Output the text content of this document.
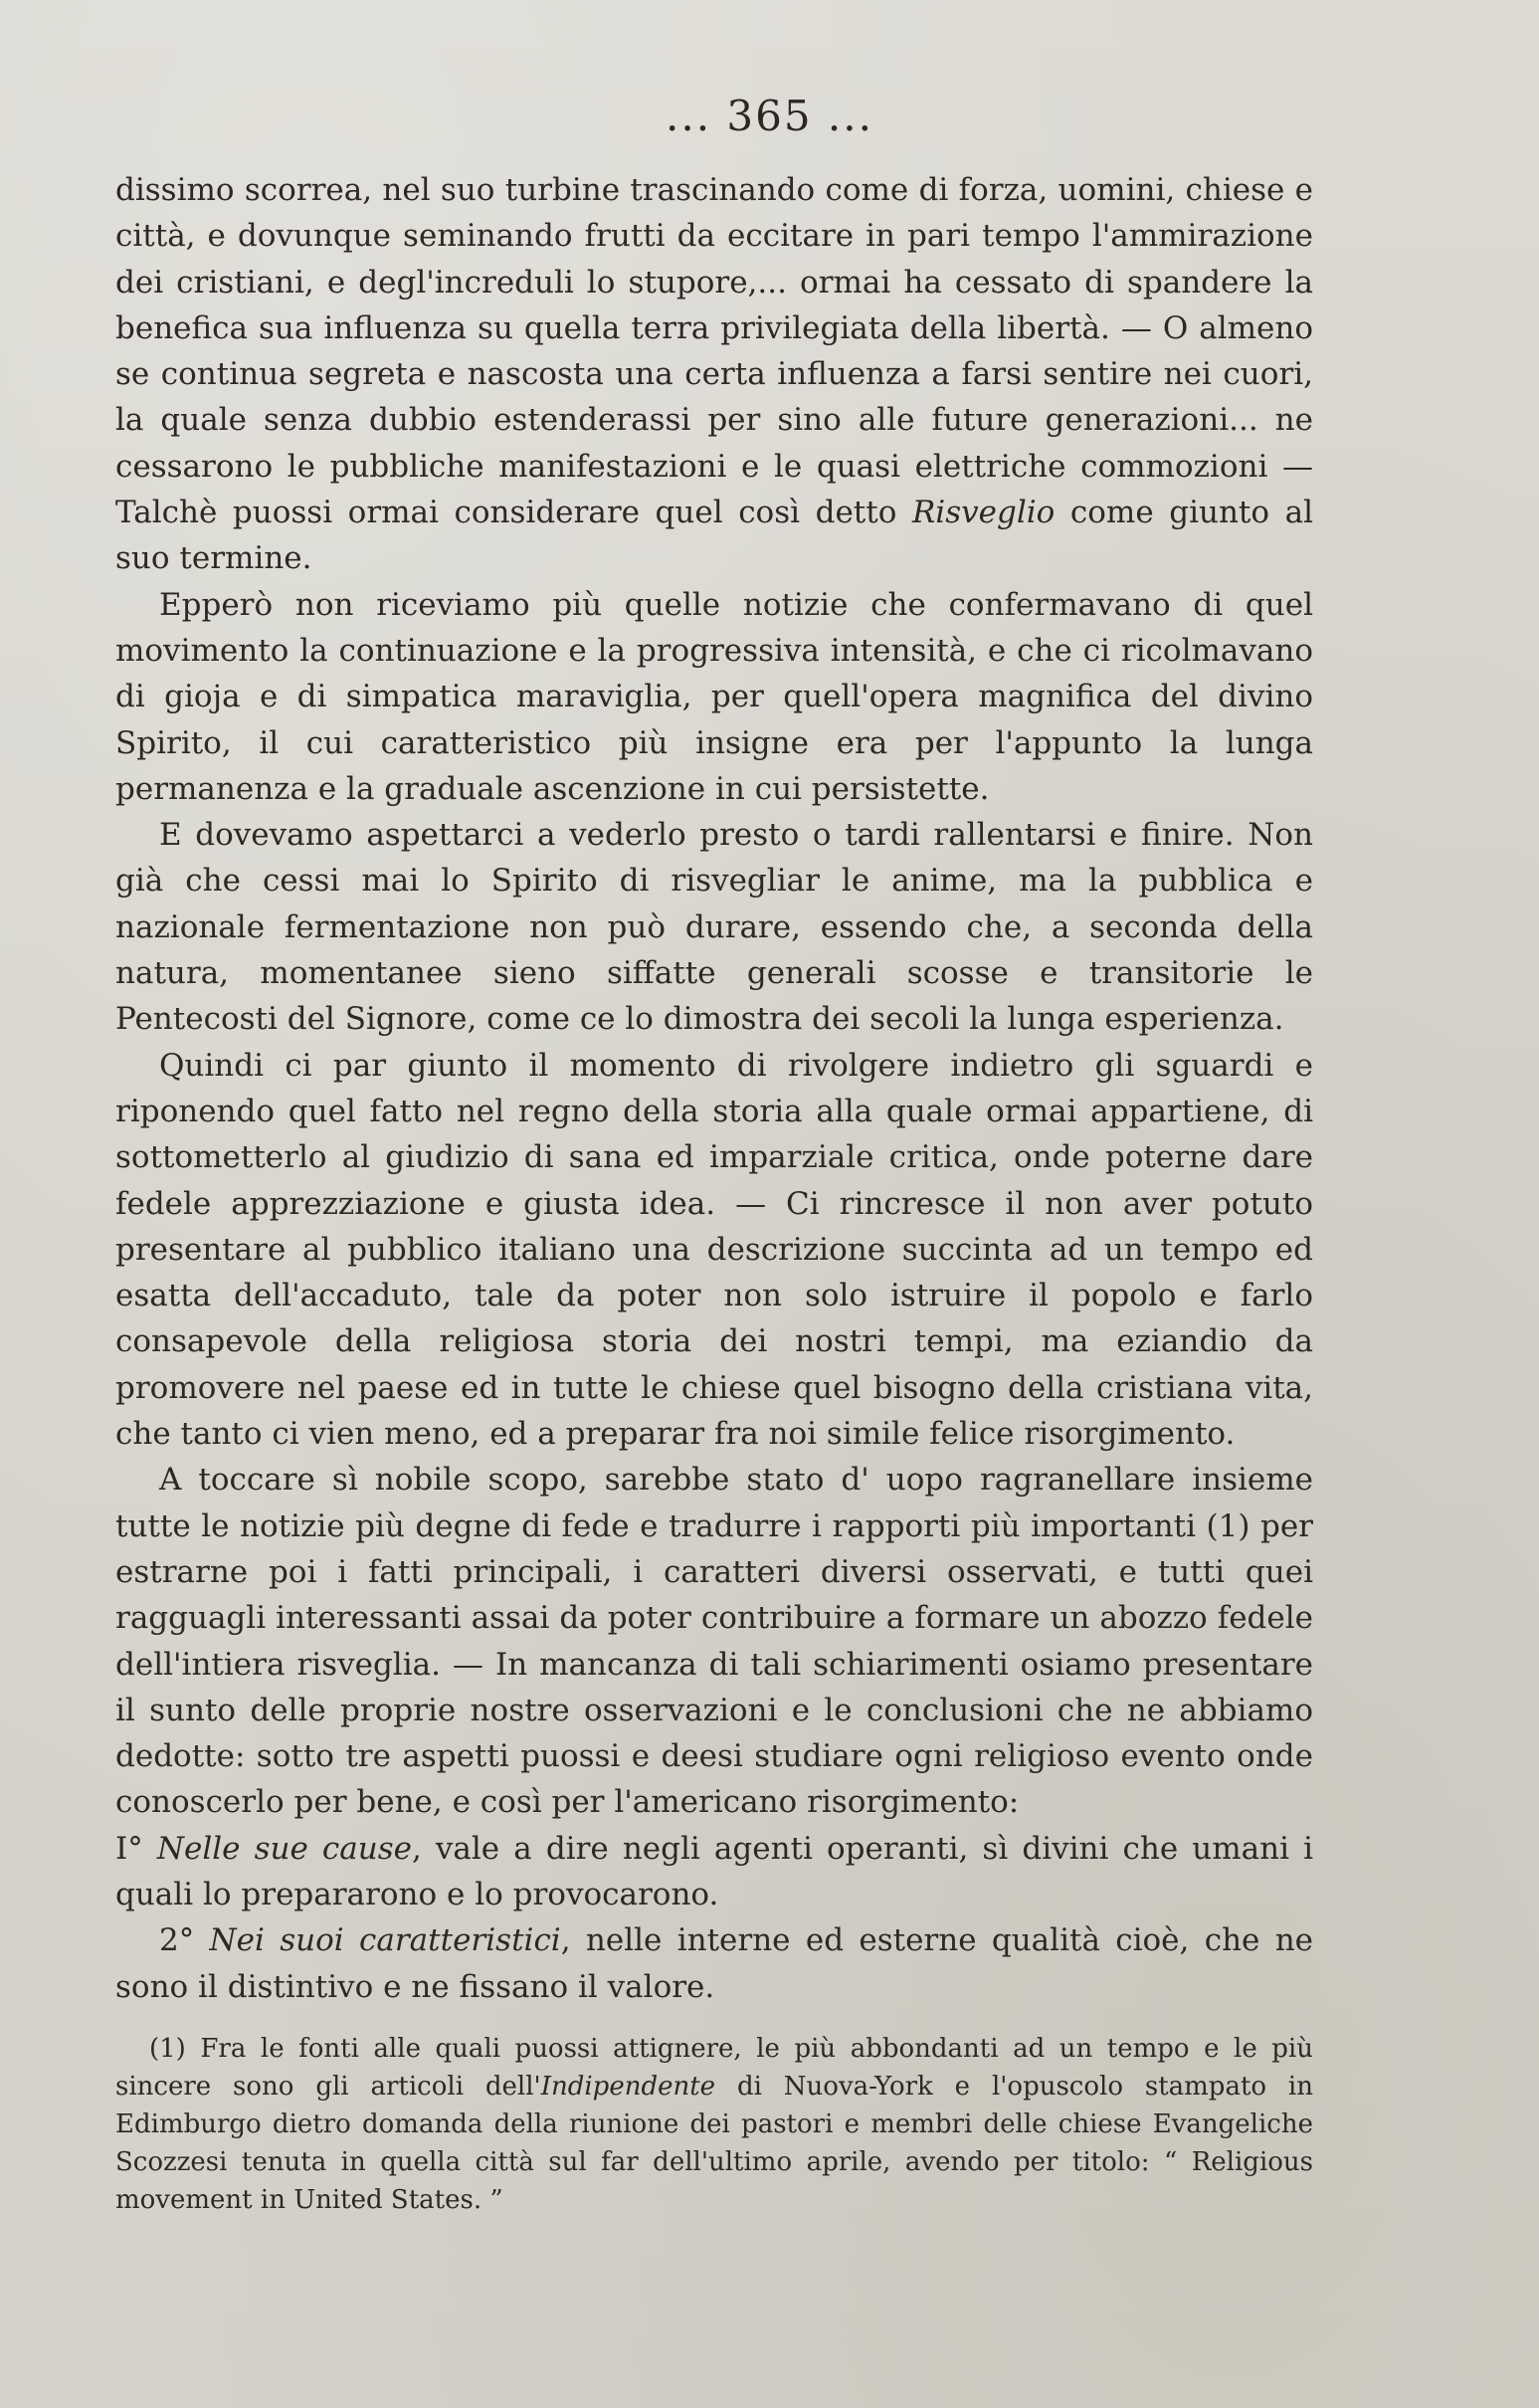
... 365 ...

dissimo scorrea, nel suo turbine trascinando come di forza, uomini, chiese e città, e dovunque seminando frutti da eccitare in pari tempo l'ammirazione dei cristiani, e degl'increduli lo stupore,... ormai ha cessato di spandere la benefica sua influenza su quella terra privilegiata della libertà. — O almeno se continua segreta e nascosta una certa influenza a farsi sentire nei cuori, la quale senza dubbio estenderassi per sino alle future generazioni... ne cessarono le pubbliche manifestazioni e le quasi elettriche commozioni — Talchè puossi ormai considerare quel così detto Risveglio come giunto al suo termine.

Epperò non riceviamo più quelle notizie che confermavano di quel movimento la continuazione e la progressiva intensità, e che ci ricolmavano di gioja e di simpatica maraviglia, per quell'opera magnifica del divino Spirito, il cui caratteristico più insigne era per l'appunto la lunga permanenza e la graduale ascenzione in cui persistette.

E dovevamo aspettarci a vederlo presto o tardi rallentarsi e finire. Non già che cessi mai lo Spirito di risvegliar le anime, ma la pubblica e nazionale fermentazione non può durare, essendo che, a seconda della natura, momentanee sieno siffatte generali scosse e transitorie le Pentecosti del Signore, come ce lo dimostra dei secoli la lunga esperienza.

Quindi ci par giunto il momento di rivolgere indietro gli sguardi e riponendo quel fatto nel regno della storia alla quale ormai appartiene, di sottometterlo al giudizio di sana ed imparziale critica, onde poterne dare fedele apprezziazione e giusta idea. — Ci rincresce il non aver potuto presentare al pubblico italiano una descrizione succinta ad un tempo ed esatta dell'accaduto, tale da poter non solo istruire il popolo e farlo consapevole della religiosa storia dei nostri tempi, ma eziandio da promovere nel paese ed in tutte le chiese quel bisogno della cristiana vita, che tanto ci vien meno, ed a preparar fra noi simile felice risorgimento.

A toccare sì nobile scopo, sarebbe stato d' uopo ragranellare insieme tutte le notizie più degne di fede e tradurre i rapporti più importanti (1) per estrarne poi i fatti principali, i caratteri diversi osservati, e tutti quei ragguagli interessanti assai da poter contribuire a formare un abozzo fedele dell'intiera risveglia. — In mancanza di tali schiarimenti osiamo presentare il sunto delle proprie nostre osservazioni e le conclusioni che ne abbiamo dedotte: sotto tre aspetti puossi e deesi studiare ogni religioso evento onde conoscerlo per bene, e così per l'americano risorgimento:

I° Nelle sue cause, vale a dire negli agenti operanti, sì divini che umani i quali lo prepararono e lo provocarono.

2° Nei suoi caratteristici, nelle interne ed esterne qualità cioè, che ne sono il distintivo e ne fissano il valore.

(1) Fra le fonti alle quali puossi attignere, le più abbondanti ad un tempo e le più sincere sono gli articoli dell'Indipendente di Nuova-York e l'opuscolo stampato in Edimburgo dietro domanda della riunione dei pastori e membri delle chiese Evangeliche Scozzesi tenuta in quella città sul far dell'ultimo aprile, avendo per titolo: “ Religious movement in United States. ”
